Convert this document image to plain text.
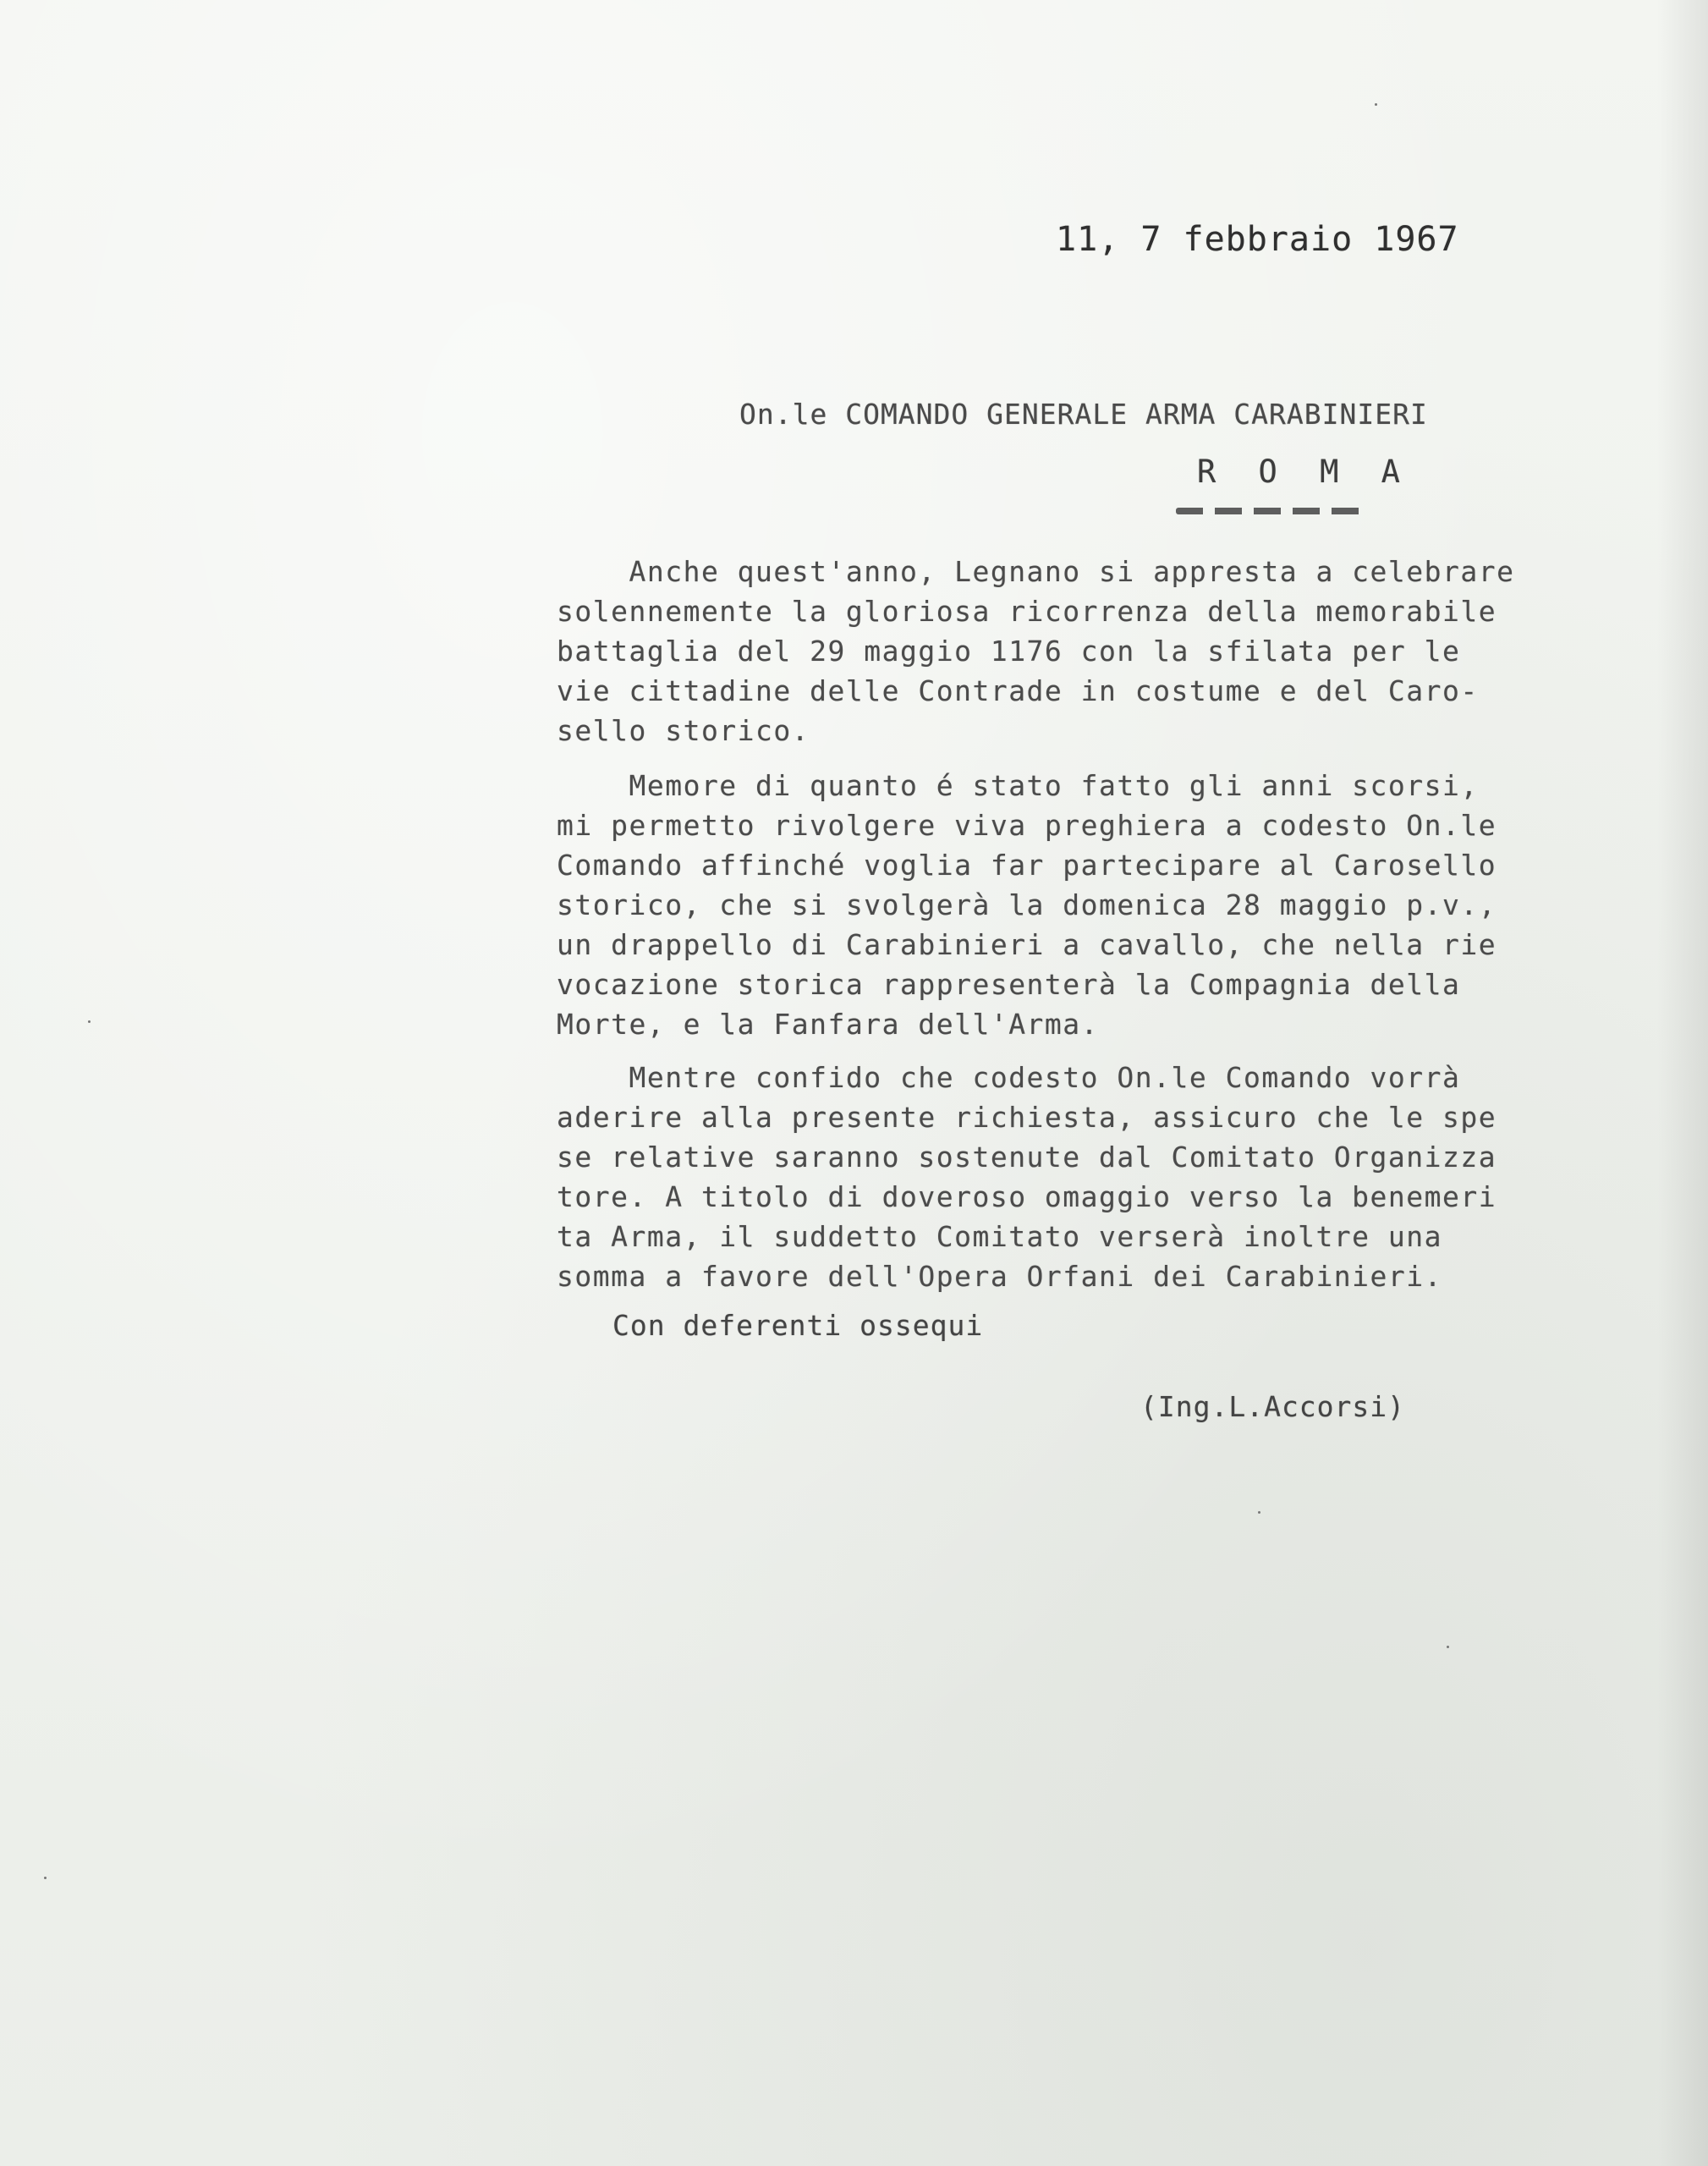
11, 7 febbraio 1967
On.le COMANDO GENERALE ARMA CARABINIERI
R O M A

Anche quest'anno, Legnano si appresta a celebrare
solennemente la gloriosa ricorrenza della memorabile
battaglia del 29 maggio 1176 con la sfilata per le
vie cittadine delle Contrade in costume e del Caro-
sello storico.

Memore di quanto é stato fatto gli anni scorsi,
mi permetto rivolgere viva preghiera a codesto On.le
Comando affinché voglia far partecipare al Carosello
storico, che si svolgerà la domenica 28 maggio p.v.,
un drappello di Carabinieri a cavallo, che nella rie
vocazione storica rappresenterà la Compagnia della
Morte, e la Fanfara dell'Arma.

Mentre confido che codesto On.le Comando vorrà
aderire alla presente richiesta, assicuro che le spe
se relative saranno sostenute dal Comitato Organizza
tore. A titolo di doveroso omaggio verso la benemeri
ta Arma, il suddetto Comitato verserà inoltre una
somma a favore dell'Opera Orfani dei Carabinieri.

Con deferenti ossequi
(Ing.L.Accorsi)
